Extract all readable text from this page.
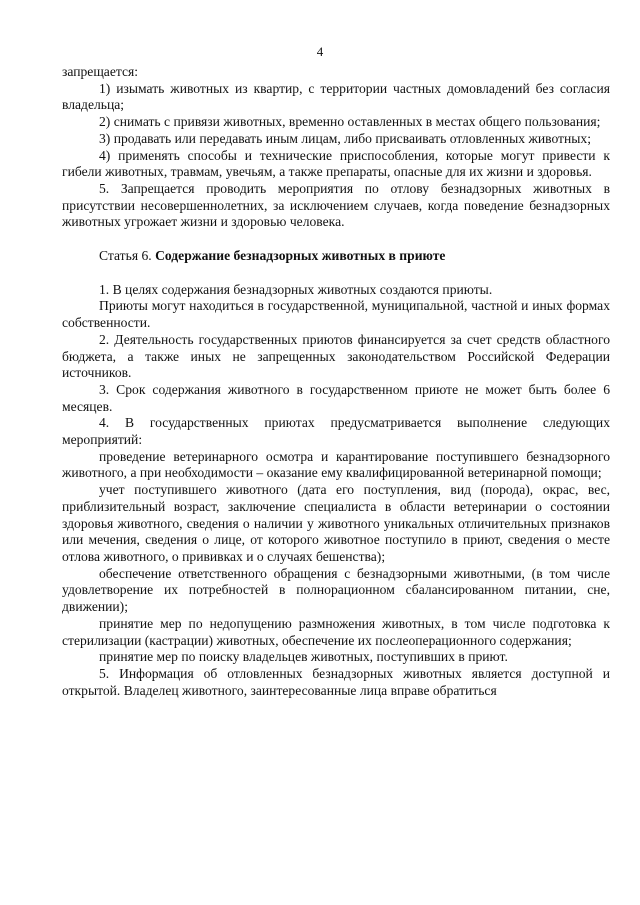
4

запрещается:

1) изымать животных из квартир, с территории частных домовладений без согласия владельца;

2) снимать с привязи животных, временно оставленных в местах общего пользования;

3) продавать или передавать иным лицам, либо присваивать отловленных животных;

4) применять способы и технические приспособления, которые могут привести к гибели животных, травмам, увечьям, а также препараты, опасные для их жизни и здоровья.

5. Запрещается проводить мероприятия по отлову безнадзорных животных в присутствии несовершеннолетних, за исключением случаев, когда поведение безнадзорных животных угрожает жизни и здоровью человека.

Статья 6. Содержание безнадзорных животных в приюте

1. В целях содержания безнадзорных животных создаются приюты.

Приюты могут находиться в государственной, муниципальной, частной и иных формах собственности.

2. Деятельность государственных приютов финансируется за счет средств областного бюджета, а также иных не запрещенных законодательством Российской Федерации источников.

3. Срок содержания животного в государственном приюте не может быть более 6 месяцев.

4. В государственных приютах предусматривается выполнение следующих мероприятий:

проведение ветеринарного осмотра и карантирование поступившего безнадзорного животного, а при необходимости – оказание ему квалифицированной ветеринарной помощи;

учет поступившего животного (дата его поступления, вид (порода), окрас, вес, приблизительный возраст, заключение специалиста в области ветеринарии о состоянии здоровья животного, сведения о наличии у животного уникальных отличительных признаков или мечения, сведения о лице, от которого животное поступило в приют, сведения о месте отлова животного, о прививках и о случаях бешенства);

обеспечение ответственного обращения с безнадзорными животными, (в том числе удовлетворение их потребностей в полнорационном сбалансированном питании, сне, движении);

принятие мер по недопущению размножения животных, в том числе подготовка к стерилизации (кастрации) животных, обеспечение их послеоперационного содержания;

принятие мер по поиску владельцев животных, поступивших в приют.

5. Информация об отловленных безнадзорных животных является доступной и открытой. Владелец животного, заинтересованные лица вправе обратиться
